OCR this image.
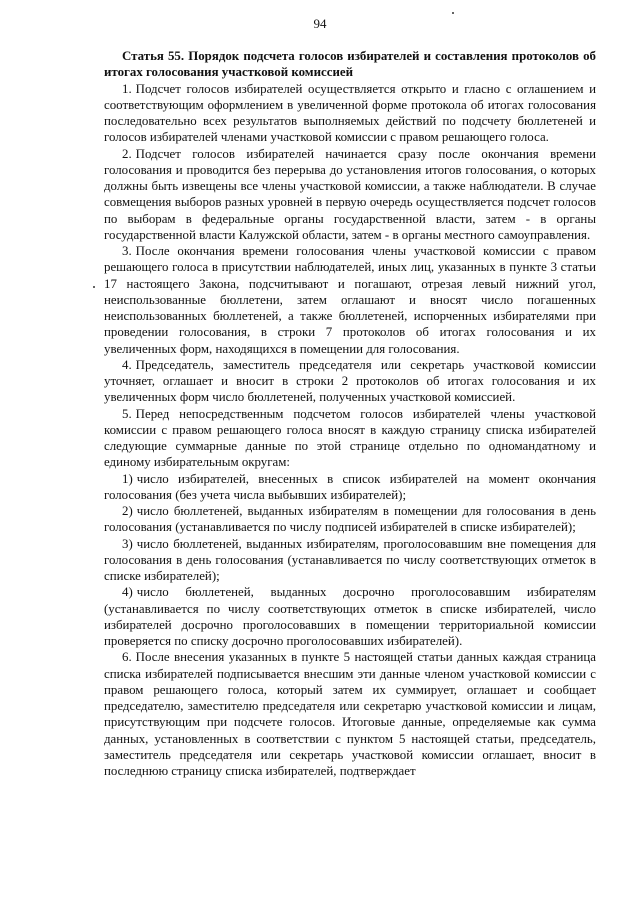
94

Статья 55. Порядок подсчета голосов избирателей и составления протоколов об итогах голосования участковой комиссией

1. Подсчет голосов избирателей осуществляется открыто и гласно с оглашением и соответствующим оформлением в увеличенной форме протокола об итогах голосования последовательно всех результатов выполняемых действий по подсчету бюллетеней и голосов избирателей членами участковой комиссии с правом решающего голоса.

2. Подсчет голосов избирателей начинается сразу после окончания времени голосования и проводится без перерыва до установления итогов голосования, о которых должны быть извещены все члены участковой комиссии, а также наблюдатели. В случае совмещения выборов разных уровней в первую очередь осуществляется подсчет голосов по выборам в федеральные органы государственной власти, затем - в органы государственной власти Калужской области, затем - в органы местного самоуправления.

3. После окончания времени голосования члены участковой комиссии с правом решающего голоса в присутствии наблюдателей, иных лиц, указанных в пункте 3 статьи 17 настоящего Закона, подсчитывают и погашают, отрезая левый нижний угол, неиспользованные бюллетени, затем оглашают и вносят число погашенных неиспользованных бюллетеней, а также бюллетеней, испорченных избирателями при проведении голосования, в строки 7 протоколов об итогах голосования и их увеличенных форм, находящихся в помещении для голосования.

4. Председатель, заместитель председателя или секретарь участковой комиссии уточняет, оглашает и вносит в строки 2 протоколов об итогах голосования и их увеличенных форм число бюллетеней, полученных участковой комиссией.

5. Перед непосредственным подсчетом голосов избирателей члены участковой комиссии с правом решающего голоса вносят в каждую страницу списка избирателей следующие суммарные данные по этой странице отдельно по одномандатному и единому избирательным округам:

1) число избирателей, внесенных в список избирателей на момент окончания голосования (без учета числа выбывших избирателей);

2) число бюллетеней, выданных избирателям в помещении для голосования в день голосования (устанавливается по числу подписей избирателей в списке избирателей);

3) число бюллетеней, выданных избирателям, проголосовавшим вне помещения для голосования в день голосования (устанавливается по числу соответствующих отметок в списке избирателей);

4) число бюллетеней, выданных досрочно проголосовавшим избирателям (устанавливается по числу соответствующих отметок в списке избирателей, число избирателей досрочно проголосовавших в помещении территориальной комиссии проверяется по списку досрочно проголосовавших избирателей).

6. После внесения указанных в пункте 5 настоящей статьи данных каждая страница списка избирателей подписывается внесшим эти данные членом участковой комиссии с правом решающего голоса, который затем их суммирует, оглашает и сообщает председателю, заместителю председателя или секретарю участковой комиссии и лицам, присутствующим при подсчете голосов. Итоговые данные, определяемые как сумма данных, установленных в соответствии с пунктом 5 настоящей статьи, председатель, заместитель председателя или секретарь участковой комиссии оглашает, вносит в последнюю страницу списка избирателей, подтверждает
